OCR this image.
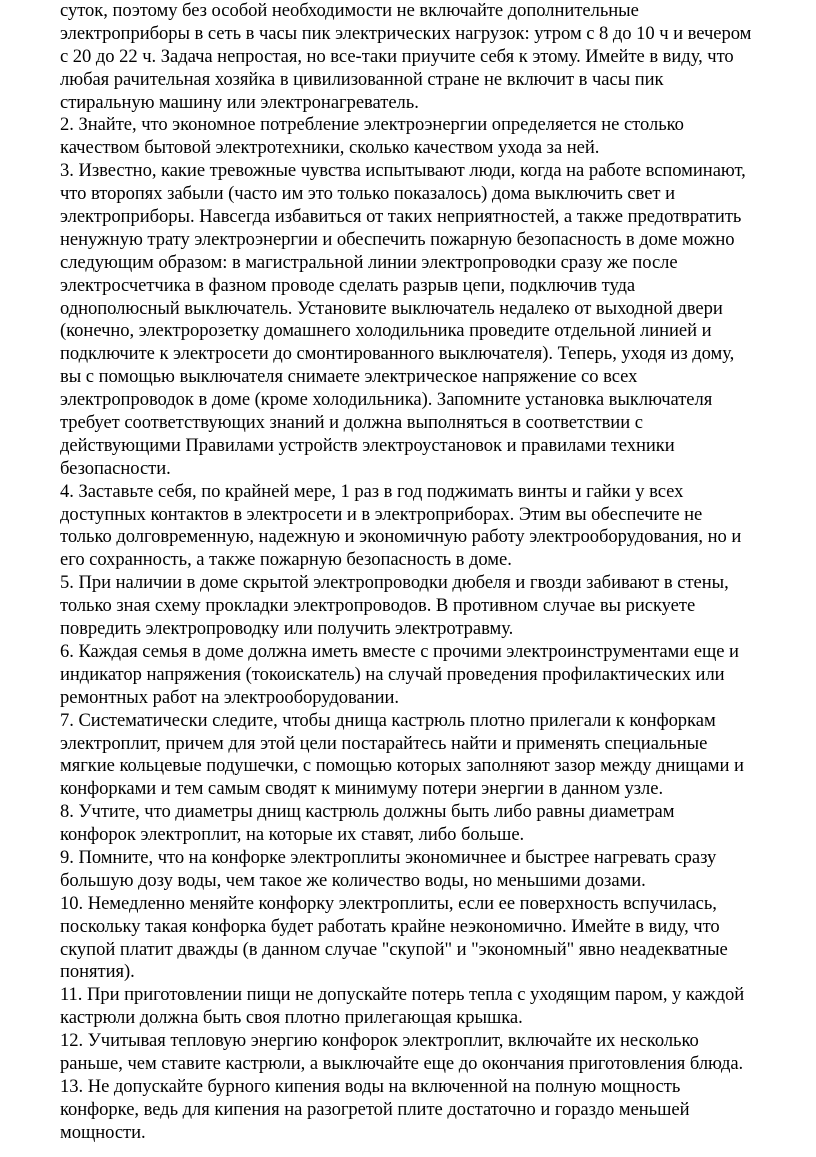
суток, поэтому без особой необходимости не включайте дополнительные
электроприборы в сеть в часы пик электрических нагрузок: утром с 8 до 10 ч и вечером
с 20 до 22 ч. Задача непростая, но все-таки приучите себя к этому. Имейте в виду, что
любая рачительная хозяйка в цивилизованной стране не включит в часы пик
стиральную машину или электронагреватель.
2. Знайте, что экономное потребление электроэнергии определяется не столько
качеством бытовой электротехники, сколько качеством ухода за ней.
3. Известно, какие тревожные чувства испытывают люди, когда на работе вспоминают,
что второпях забыли (часто им это только показалось) дома выключить свет и
электроприборы. Навсегда избавиться от таких неприятностей, а также предотвратить
ненужную трату электроэнергии и обеспечить пожарную безопасность в доме можно
следующим образом: в магистральной линии электропроводки сразу же после
электросчетчика в фазном проводе сделать разрыв цепи, подключив туда
однополюсный выключатель. Установите выключатель недалеко от выходной двери
(конечно, электророзетку домашнего холодильника проведите отдельной линией и
подключите к электросети до смонтированного выключателя). Теперь, уходя из дому,
вы с помощью выключателя снимаете электрическое напряжение со всех
электропроводок в доме (кроме холодильника). Запомните установка выключателя
требует соответствующих знаний и должна выполняться в соответствии с
действующими Правилами устройств электроустановок и правилами техники
безопасности.
4. Заставьте себя, по крайней мере, 1 раз в год поджимать винты и гайки у всех
доступных контактов в электросети и в электроприборах. Этим вы обеспечите не
только долговременную, надежную и экономичную работу электрооборудования, но и
его сохранность, а также пожарную безопасность в доме.
5. При наличии в доме скрытой электропроводки дюбеля и гвозди забивают в стены,
только зная схему прокладки электропроводов. В противном случае вы рискуете
повредить электропроводку или получить электротравму.
6. Каждая семья в доме должна иметь вместе с прочими электроинструментами еще и
индикатор напряжения (токоискатель) на случай проведения профилактических или
ремонтных работ на электрооборудовании.
7. Систематически следите, чтобы днища кастрюль плотно прилегали к конфоркам
электроплит, причем для этой цели постарайтесь найти и применять специальные
мягкие кольцевые подушечки, с помощью которых заполняют зазор между днищами и
конфорками и тем самым сводят к минимуму потери энергии в данном узле.
8. Учтите, что диаметры днищ кастрюль должны быть либо равны диаметрам
конфорок электроплит, на которые их ставят, либо больше.
9. Помните, что на конфорке электроплиты экономичнее и быстрее нагревать сразу
большую дозу воды, чем такое же количество воды, но меньшими дозами.
10. Немедленно меняйте конфорку электроплиты, если ее поверхность вспучилась,
поскольку такая конфорка будет работать крайне неэкономично. Имейте в виду, что
скупой платит дважды (в данном случае "скупой" и "экономный" явно неадекватные
понятия).
11. При приготовлении пищи не допускайте потерь тепла с уходящим паром, у каждой
кастрюли должна быть своя плотно прилегающая крышка.
12. Учитывая тепловую энергию конфорок электроплит, включайте их несколько
раньше, чем ставите кастрюли, а выключайте еще до окончания приготовления блюда.
13. Не допускайте бурного кипения воды на включенной на полную мощность
конфорке, ведь для кипения на разогретой плите достаточно и гораздо меньшей
мощности.
